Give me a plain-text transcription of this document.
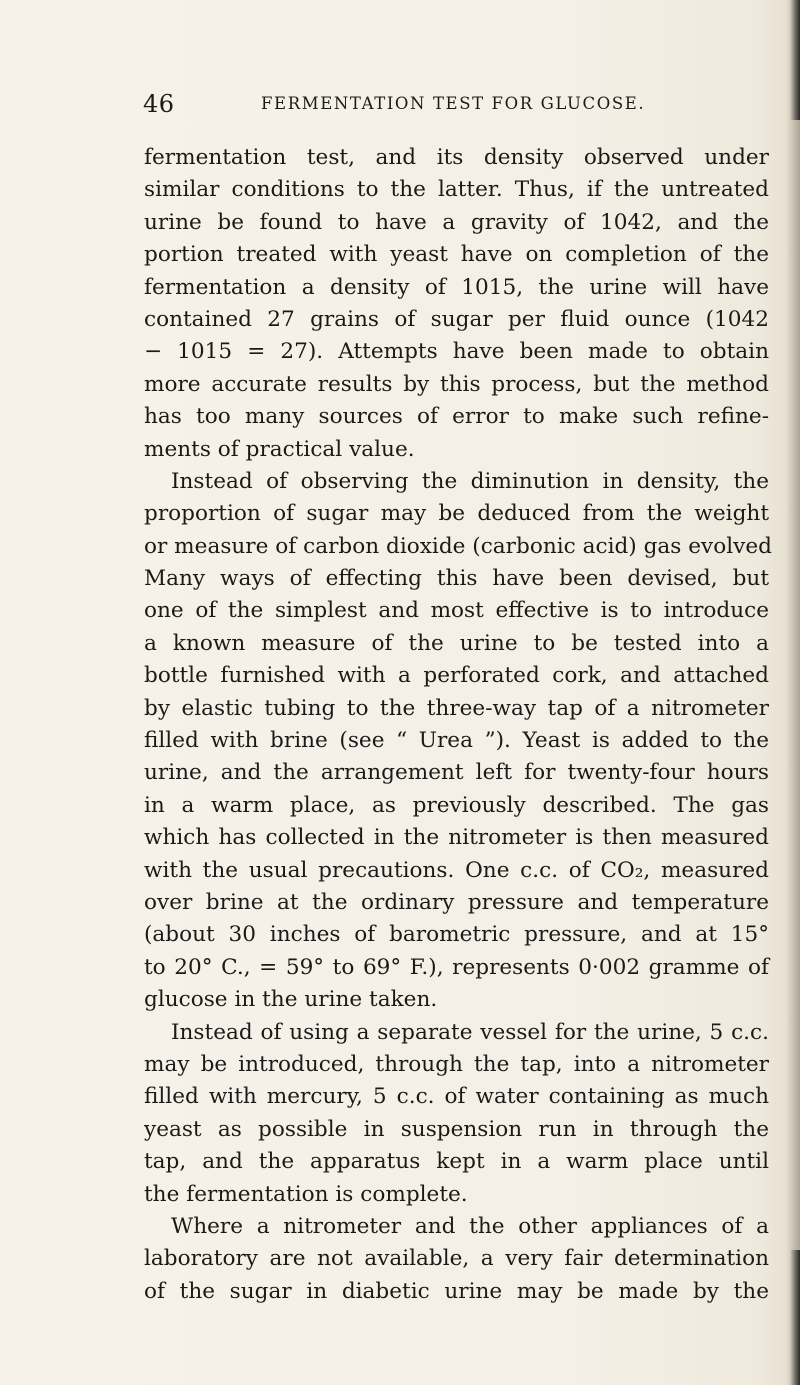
46	FERMENTATION TEST FOR GLUCOSE.
fermentation test, and its density observed under
similar conditions to the latter. Thus, if the untreated
urine be found to have a gravity of 1042, and the
portion treated with yeast have on completion of the
fermentation a density of 1015, the urine will have
contained 27 grains of sugar per fluid ounce (1042
− 1015 = 27). Attempts have been made to obtain
more accurate results by this process, but the method
has too many sources of error to make such refine-
ments of practical value.
Instead of observing the diminution in density, the
proportion of sugar may be deduced from the weight
or measure of carbon dioxide (carbonic acid) gas evolved
Many ways of effecting this have been devised, but
one of the simplest and most effective is to introduce
a known measure of the urine to be tested into a
bottle furnished with a perforated cork, and attached
by elastic tubing to the three-way tap of a nitrometer
filled with brine (see “ Urea ”). Yeast is added to the
urine, and the arrangement left for twenty-four hours
in a warm place, as previously described. The gas
which has collected in the nitrometer is then measured
with the usual precautions. One c.c. of CO₂, measured
over brine at the ordinary pressure and temperature
(about 30 inches of barometric pressure, and at 15°
to 20° C., = 59° to 69° F.), represents 0·002 gramme of
glucose in the urine taken.
Instead of using a separate vessel for the urine, 5 c.c.
may be introduced, through the tap, into a nitrometer
filled with mercury, 5 c.c. of water containing as much
yeast as possible in suspension run in through the
tap, and the apparatus kept in a warm place until
the fermentation is complete.
Where a nitrometer and the other appliances of a
laboratory are not available, a very fair determination
of the sugar in diabetic urine may be made by the
